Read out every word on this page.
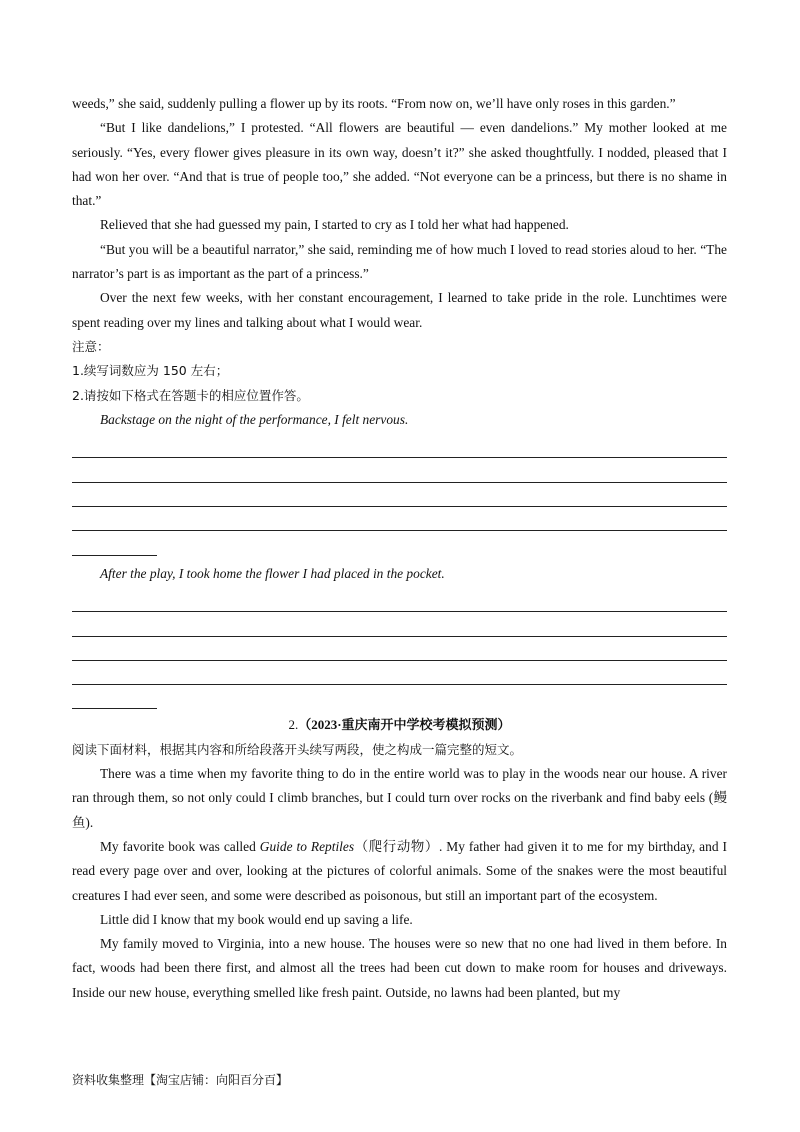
weeds,” she said, suddenly pulling a flower up by its roots. “From now on, we’ll have only roses in this garden.”

“But I like dandelions,” I protested. “All flowers are beautiful — even dandelions.” My mother looked at me seriously. “Yes, every flower gives pleasure in its own way, doesn’t it?” she asked thoughtfully. I nodded, pleased that I had won her over. “And that is true of people too,” she added. “Not everyone can be a princess, but there is no shame in that.”

Relieved that she had guessed my pain, I started to cry as I told her what had happened.

“But you will be a beautiful narrator,” she said, reminding me of how much I loved to read stories aloud to her. “The narrator’s part is as important as the part of a princess.”

Over the next few weeks, with her constant encouragement, I learned to take pride in the role. Lunchtimes were spent reading over my lines and talking about what I would wear.

注意：

1.续写词数应为 150 左右；

2.请按如下格式在答题卡的相应位置作答。

Backstage on the night of the performance, I felt nervous.

After the play, I took home the flower I had placed in the pocket.

2.（2023·重庆南开中学校考模拟预测）

阅读下面材料，根据其内容和所给段落开头续写两段，使之构成一篇完整的短文。

There was a time when my favorite thing to do in the entire world was to play in the woods near our house. A river ran through them, so not only could I climb branches, but I could turn over rocks on the riverbank and find baby eels (鳗鱼).

My favorite book was called Guide to Reptiles（爬行动物）. My father had given it to me for my birthday, and I read every page over and over, looking at the pictures of colorful animals. Some of the snakes were the most beautiful creatures I had ever seen, and some were described as poisonous, but still an important part of the ecosystem.

Little did I know that my book would end up saving a life.

My family moved to Virginia, into a new house. The houses were so new that no one had lived in them before. In fact, woods had been there first, and almost all the trees had been cut down to make room for houses and driveways. Inside our new house, everything smelled like fresh paint. Outside, no lawns had been planted, but my

资料收集整理【淘宝店铺：向阳百分百】
